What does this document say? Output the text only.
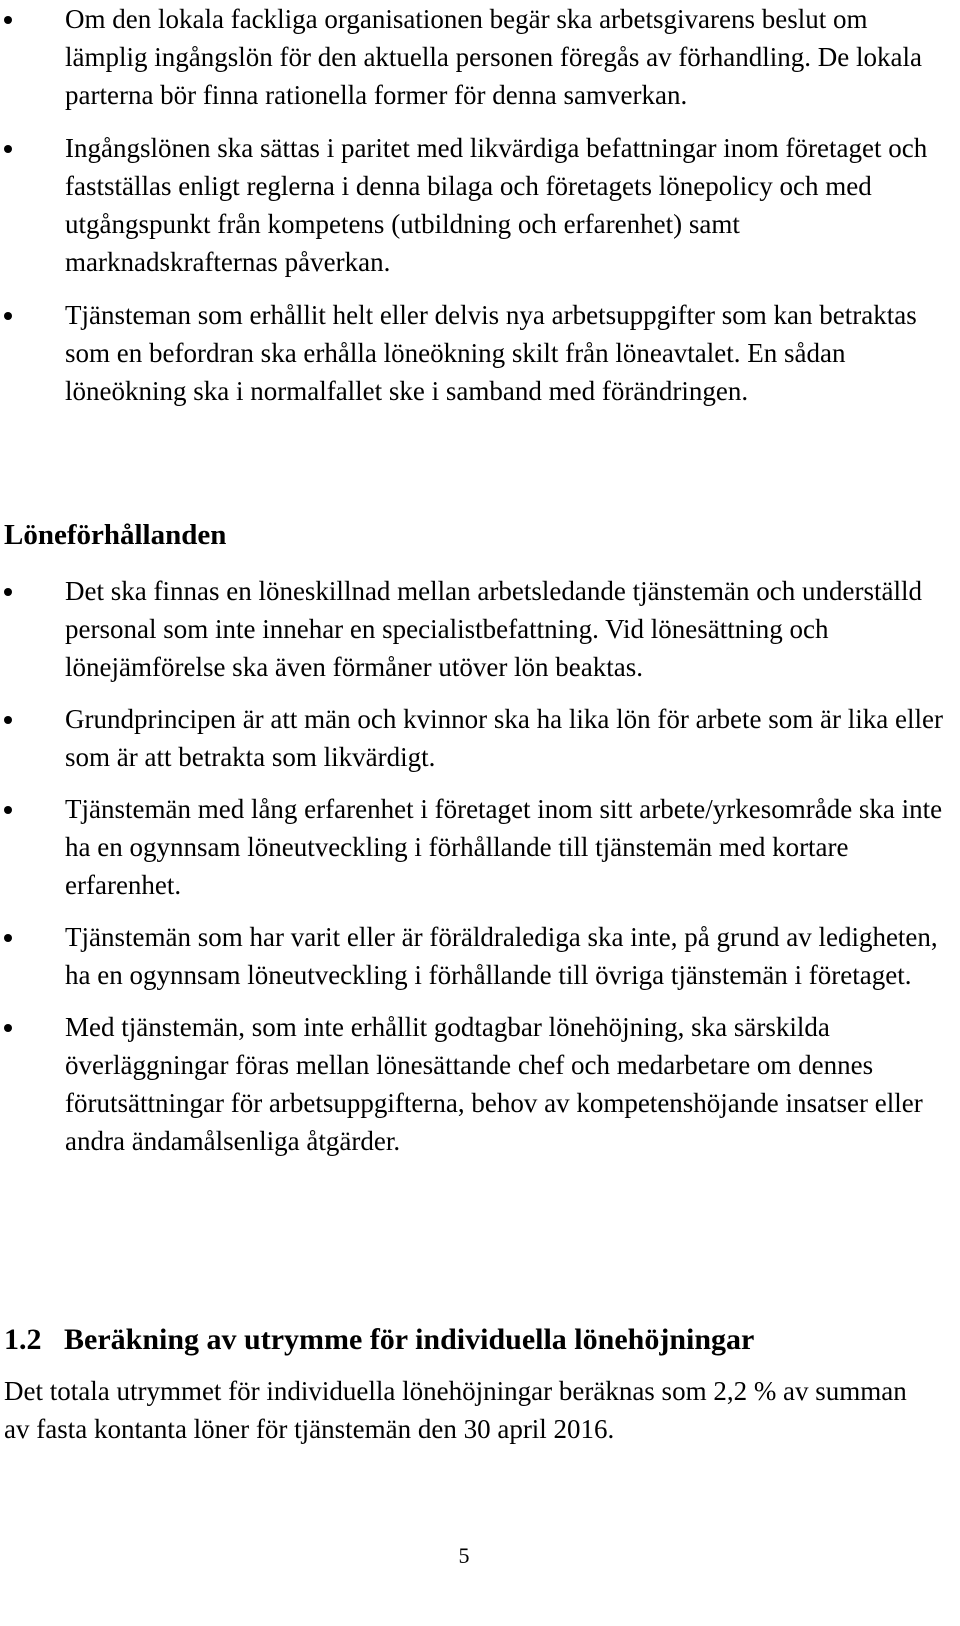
Om den lokala fackliga organisationen begär ska arbetsgivarens beslut om lämplig ingångslön för den aktuella personen föregås av förhandling. De lokala parterna bör finna rationella former för denna samverkan.
Ingångslönen ska sättas i paritet med likvärdiga befattningar inom företaget och fastställas enligt reglerna i denna bilaga och företagets lönepolicy och med utgångspunkt från kompetens (utbildning och erfarenhet) samt marknadskrafternas påverkan.
Tjänsteman som erhållit helt eller delvis nya arbetsuppgifter som kan betraktas som en befordran ska erhålla löneökning skilt från löneavtalet. En sådan löneökning ska i normalfallet ske i samband med förändringen.
Löneförhållanden
Det ska finnas en löneskillnad mellan arbetsledande tjänstemän och underställd personal som inte innehar en specialistbefattning. Vid lönesättning och lönejämförelse ska även förmåner utöver lön beaktas.
Grundprincipen är att män och kvinnor ska ha lika lön för arbete som är lika eller som är att betrakta som likvärdigt.
Tjänstemän med lång erfarenhet i företaget inom sitt arbete/yrkesområde ska inte ha en ogynnsam löneutveckling i förhållande till tjänstemän med kortare erfarenhet.
Tjänstemän som har varit eller är föräldralediga ska inte, på grund av ledigheten, ha en ogynnsam löneutveckling i förhållande till övriga tjänstemän i företaget.
Med tjänstemän, som inte erhållit godtagbar lönehöjning, ska särskilda överläggningar föras mellan lönesättande chef och medarbetare om dennes förutsättningar för arbetsuppgifterna, behov av kompetenshöjande insatser eller andra ändamålsenliga åtgärder.
1.2 Beräkning av utrymme för individuella lönehöjningar

Det totala utrymmet för individuella lönehöjningar beräknas som 2,2 % av summan av fasta kontanta löner för tjänstemän den 30 april 2016.

5
